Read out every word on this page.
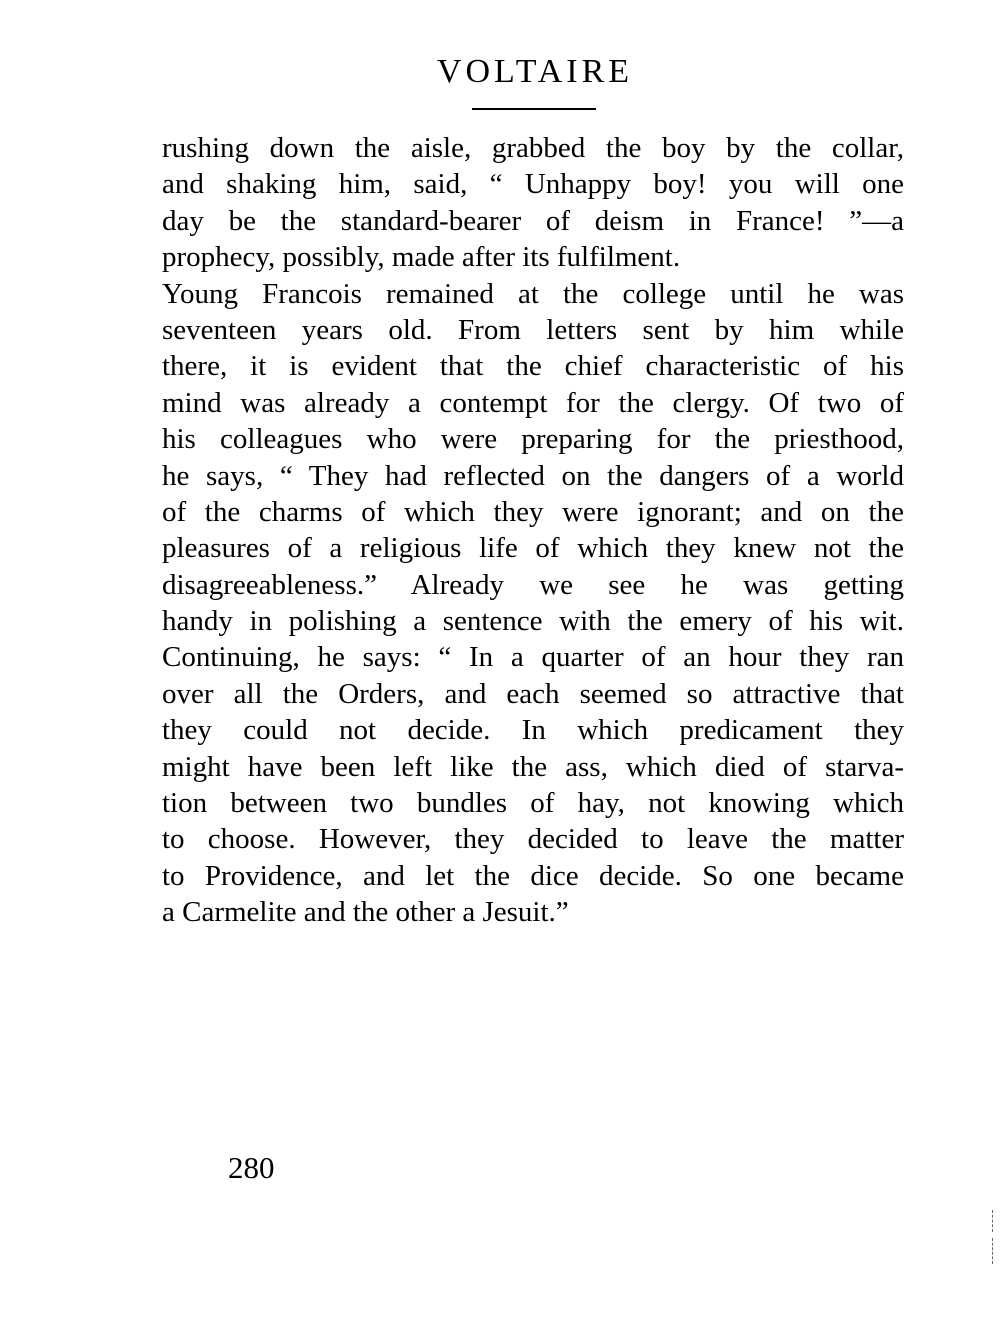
VOLTAIRE
rushing down the aisle, grabbed the boy by the collar,
and shaking him, said, “ Unhappy boy! you will one
day be the standard-bearer of deism in France! ”—a
prophecy, possibly, made after its fulfilment.
Young Francois remained at the college until he was
seventeen years old. From letters sent by him while
there, it is evident that the chief characteristic of his
mind was already a contempt for the clergy. Of two of
his colleagues who were preparing for the priesthood,
he says, “ They had reflected on the dangers of a world
of the charms of which they were ignorant; and on the
pleasures of a religious life of which they knew not the
disagreeableness.” Already we see he was getting
handy in polishing a sentence with the emery of his wit.
Continuing, he says: “ In a quarter of an hour they ran
over all the Orders, and each seemed so attractive that
they could not decide. In which predicament they
might have been left like the ass, which died of starva-
tion between two bundles of hay, not knowing which
to choose. However, they decided to leave the matter
to Providence, and let the dice decide. So one became
a Carmelite and the other a Jesuit.”
280
